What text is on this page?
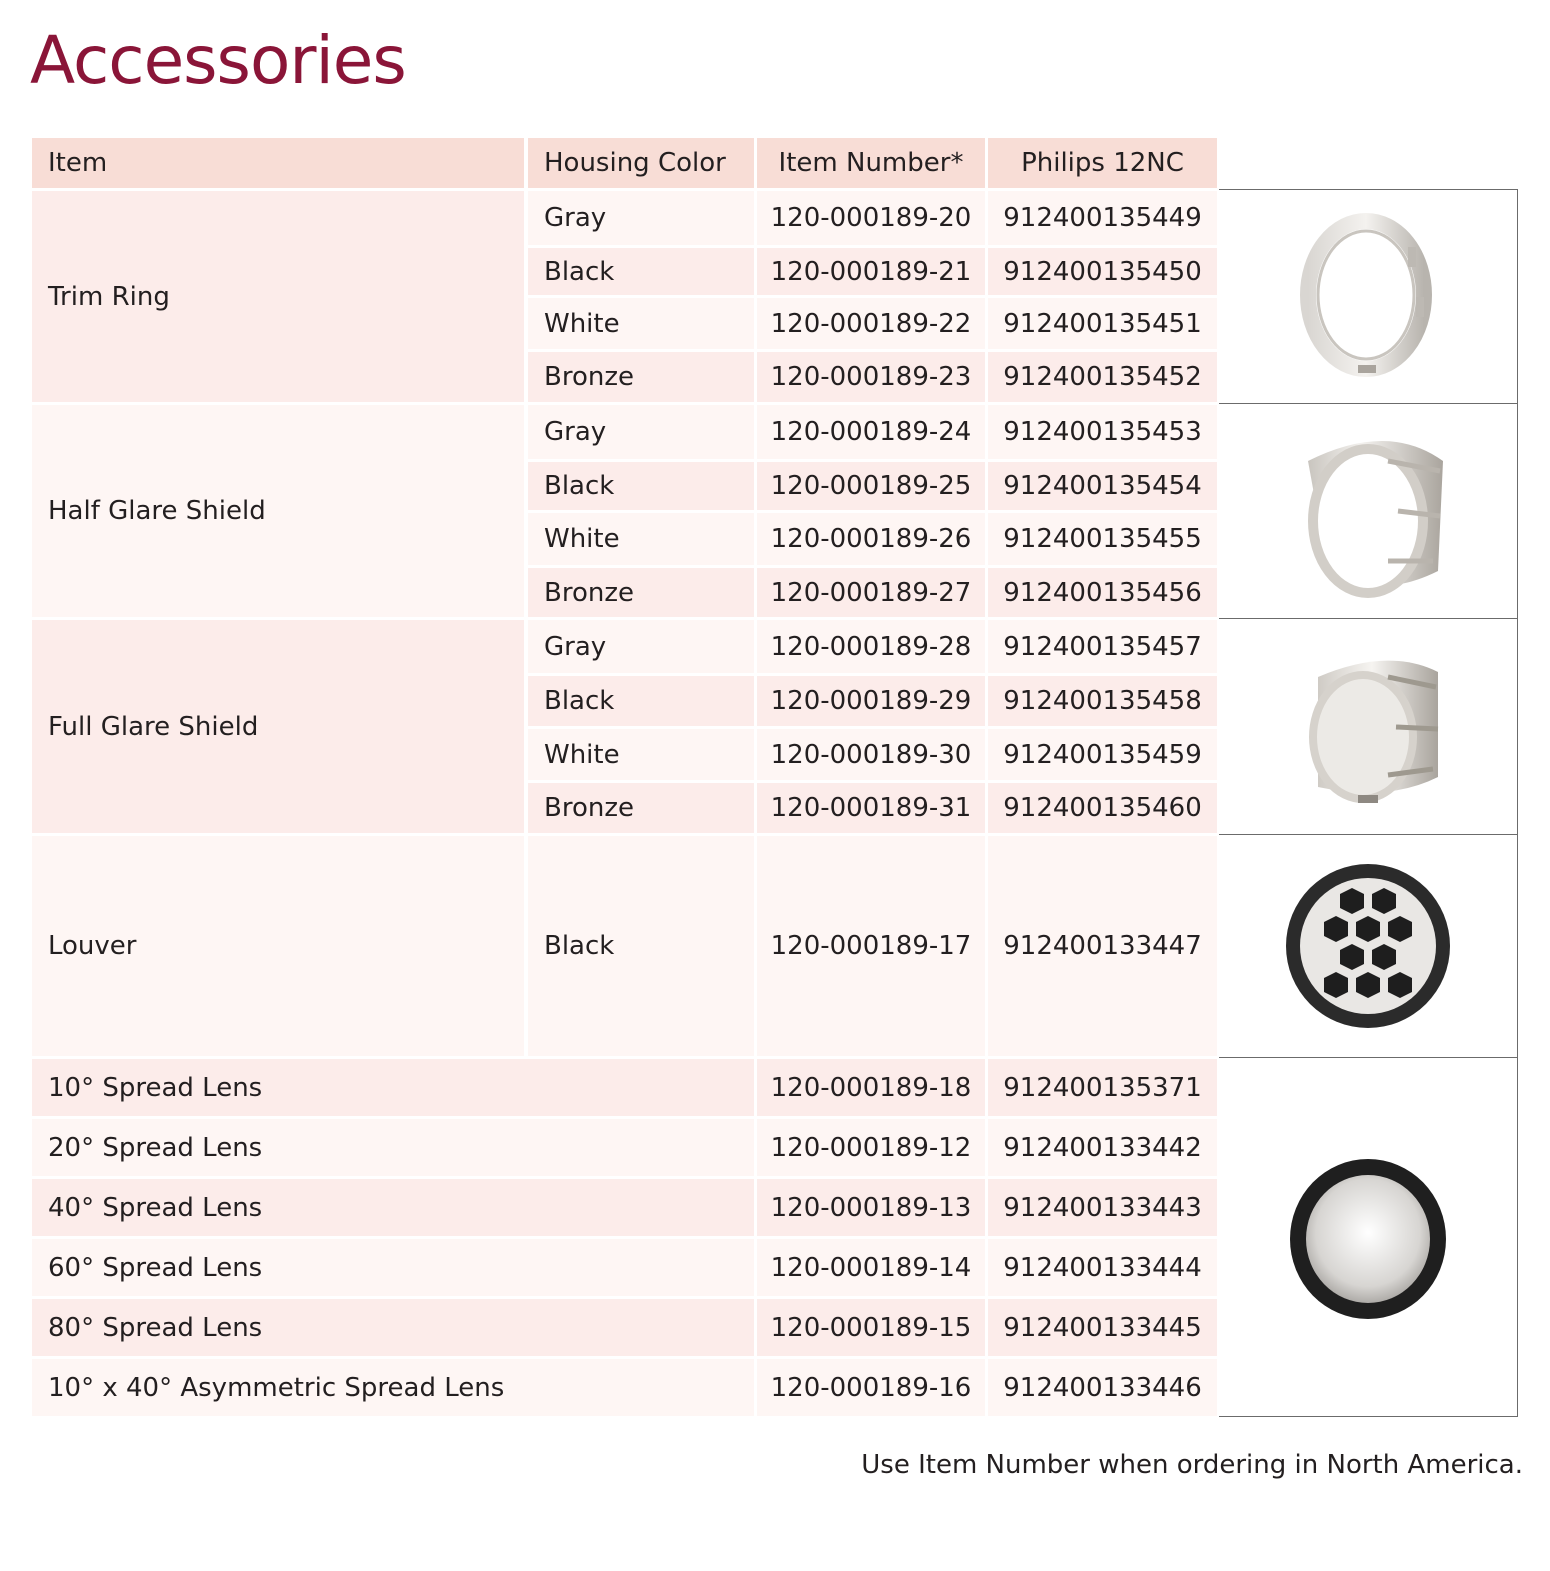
Accessories
Item	Housing Color	Item Number*	Philips 12NC
Trim Ring
Gray	120-000189-20	912400135449
Black	120-000189-21	912400135450
White	120-000189-22	912400135451
Bronze	120-000189-23	912400135452
Half Glare Shield
Gray	120-000189-24	912400135453
Black	120-000189-25	912400135454
White	120-000189-26	912400135455
Bronze	120-000189-27	912400135456
Full Glare Shield
Gray	120-000189-28	912400135457
Black	120-000189-29	912400135458
White	120-000189-30	912400135459
Bronze	120-000189-31	912400135460
Louver	Black	120-000189-17	912400133447
10° Spread Lens	120-000189-18	912400135371
20° Spread Lens	120-000189-12	912400133442
40° Spread Lens	120-000189-13	912400133443
60° Spread Lens	120-000189-14	912400133444
80° Spread Lens	120-000189-15	912400133445
10° x 40° Asymmetric Spread Lens	120-000189-16	912400133446
Use Item Number when ordering in North America.
